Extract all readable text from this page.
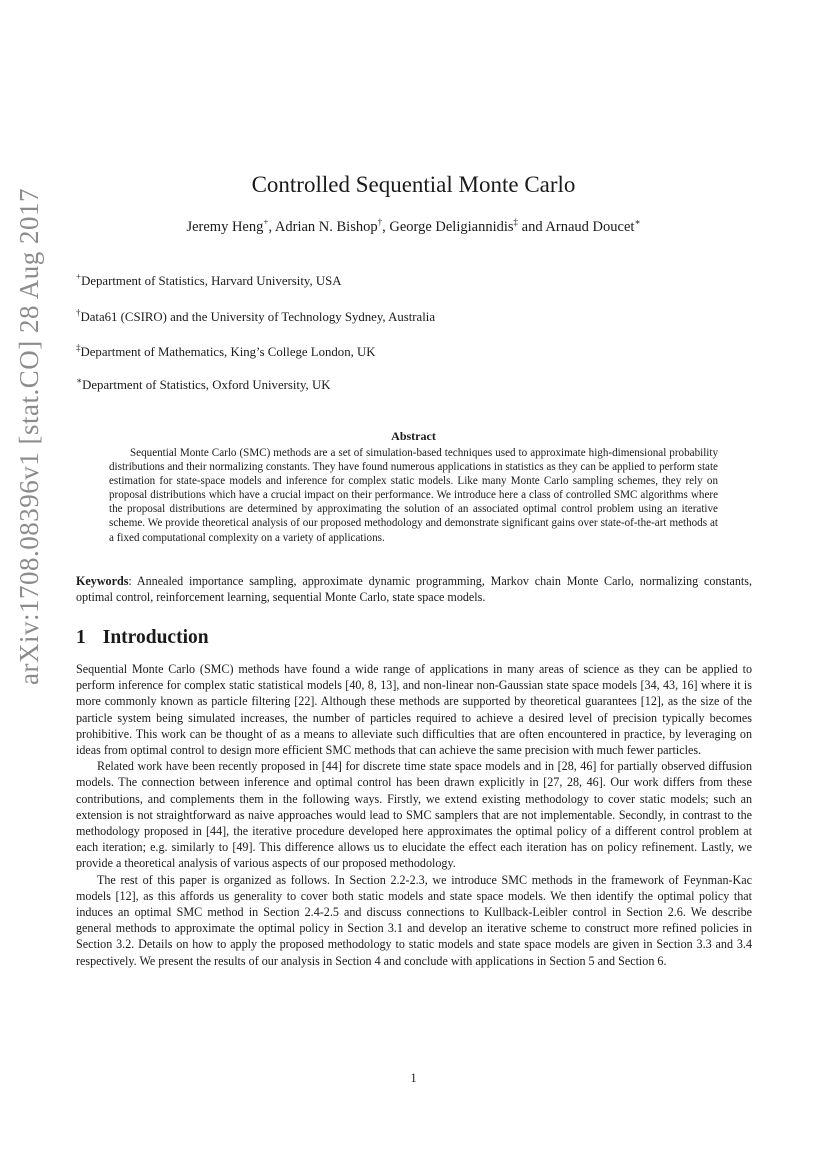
arXiv:1708.08396v1 [stat.CO] 28 Aug 2017
Controlled Sequential Monte Carlo
Jeremy Heng+, Adrian N. Bishop†, George Deligiannidis‡ and Arnaud Doucet∗
+Department of Statistics, Harvard University, USA
†Data61 (CSIRO) and the University of Technology Sydney, Australia
‡Department of Mathematics, King’s College London, UK
∗Department of Statistics, Oxford University, UK
Abstract
Sequential Monte Carlo (SMC) methods are a set of simulation-based techniques used to approximate high-dimensional probability distributions and their normalizing constants. They have found numerous applications in statistics as they can be applied to perform state estimation for state-space models and inference for complex static models. Like many Monte Carlo sampling schemes, they rely on proposal distributions which have a crucial impact on their performance. We introduce here a class of controlled SMC algorithms where the proposal distributions are determined by approximating the solution of an associated optimal control problem using an iterative scheme. We provide theoretical analysis of our proposed methodology and demonstrate significant gains over state-of-the-art methods at a fixed computational complexity on a variety of applications.
Keywords: Annealed importance sampling, approximate dynamic programming, Markov chain Monte Carlo, normalizing constants, optimal control, reinforcement learning, sequential Monte Carlo, state space models.
1 Introduction

Sequential Monte Carlo (SMC) methods have found a wide range of applications in many areas of science as they can be applied to perform inference for complex static statistical models [40, 8, 13], and non-linear non-Gaussian state space models [34, 43, 16] where it is more commonly known as particle filtering [22]. Although these methods are supported by theoretical guarantees [12], as the size of the particle system being simulated increases, the number of particles required to achieve a desired level of precision typically becomes prohibitive. This work can be thought of as a means to alleviate such difficulties that are often encountered in practice, by leveraging on ideas from optimal control to design more efficient SMC methods that can achieve the same precision with much fewer particles.

Related work have been recently proposed in [44] for discrete time state space models and in [28, 46] for partially observed diffusion models. The connection between inference and optimal control has been drawn explicitly in [27, 28, 46]. Our work differs from these contributions, and complements them in the following ways. Firstly, we extend existing methodology to cover static models; such an extension is not straightforward as naive approaches would lead to SMC samplers that are not implementable. Secondly, in contrast to the methodology proposed in [44], the iterative procedure developed here approximates the optimal policy of a different control problem at each iteration; e.g. similarly to [49]. This difference allows us to elucidate the effect each iteration has on policy refinement. Lastly, we provide a theoretical analysis of various aspects of our proposed methodology.

The rest of this paper is organized as follows. In Section 2.2-2.3, we introduce SMC methods in the framework of Feynman-Kac models [12], as this affords us generality to cover both static models and state space models. We then identify the optimal policy that induces an optimal SMC method in Section 2.4-2.5 and discuss connections to Kullback-Leibler control in Section 2.6. We describe general methods to approximate the optimal policy in Section 3.1 and develop an iterative scheme to construct more refined policies in Section 3.2. Details on how to apply the proposed methodology to static models and state space models are given in Section 3.3 and 3.4 respectively. We present the results of our analysis in Section 4 and conclude with applications in Section 5 and Section 6.

1
